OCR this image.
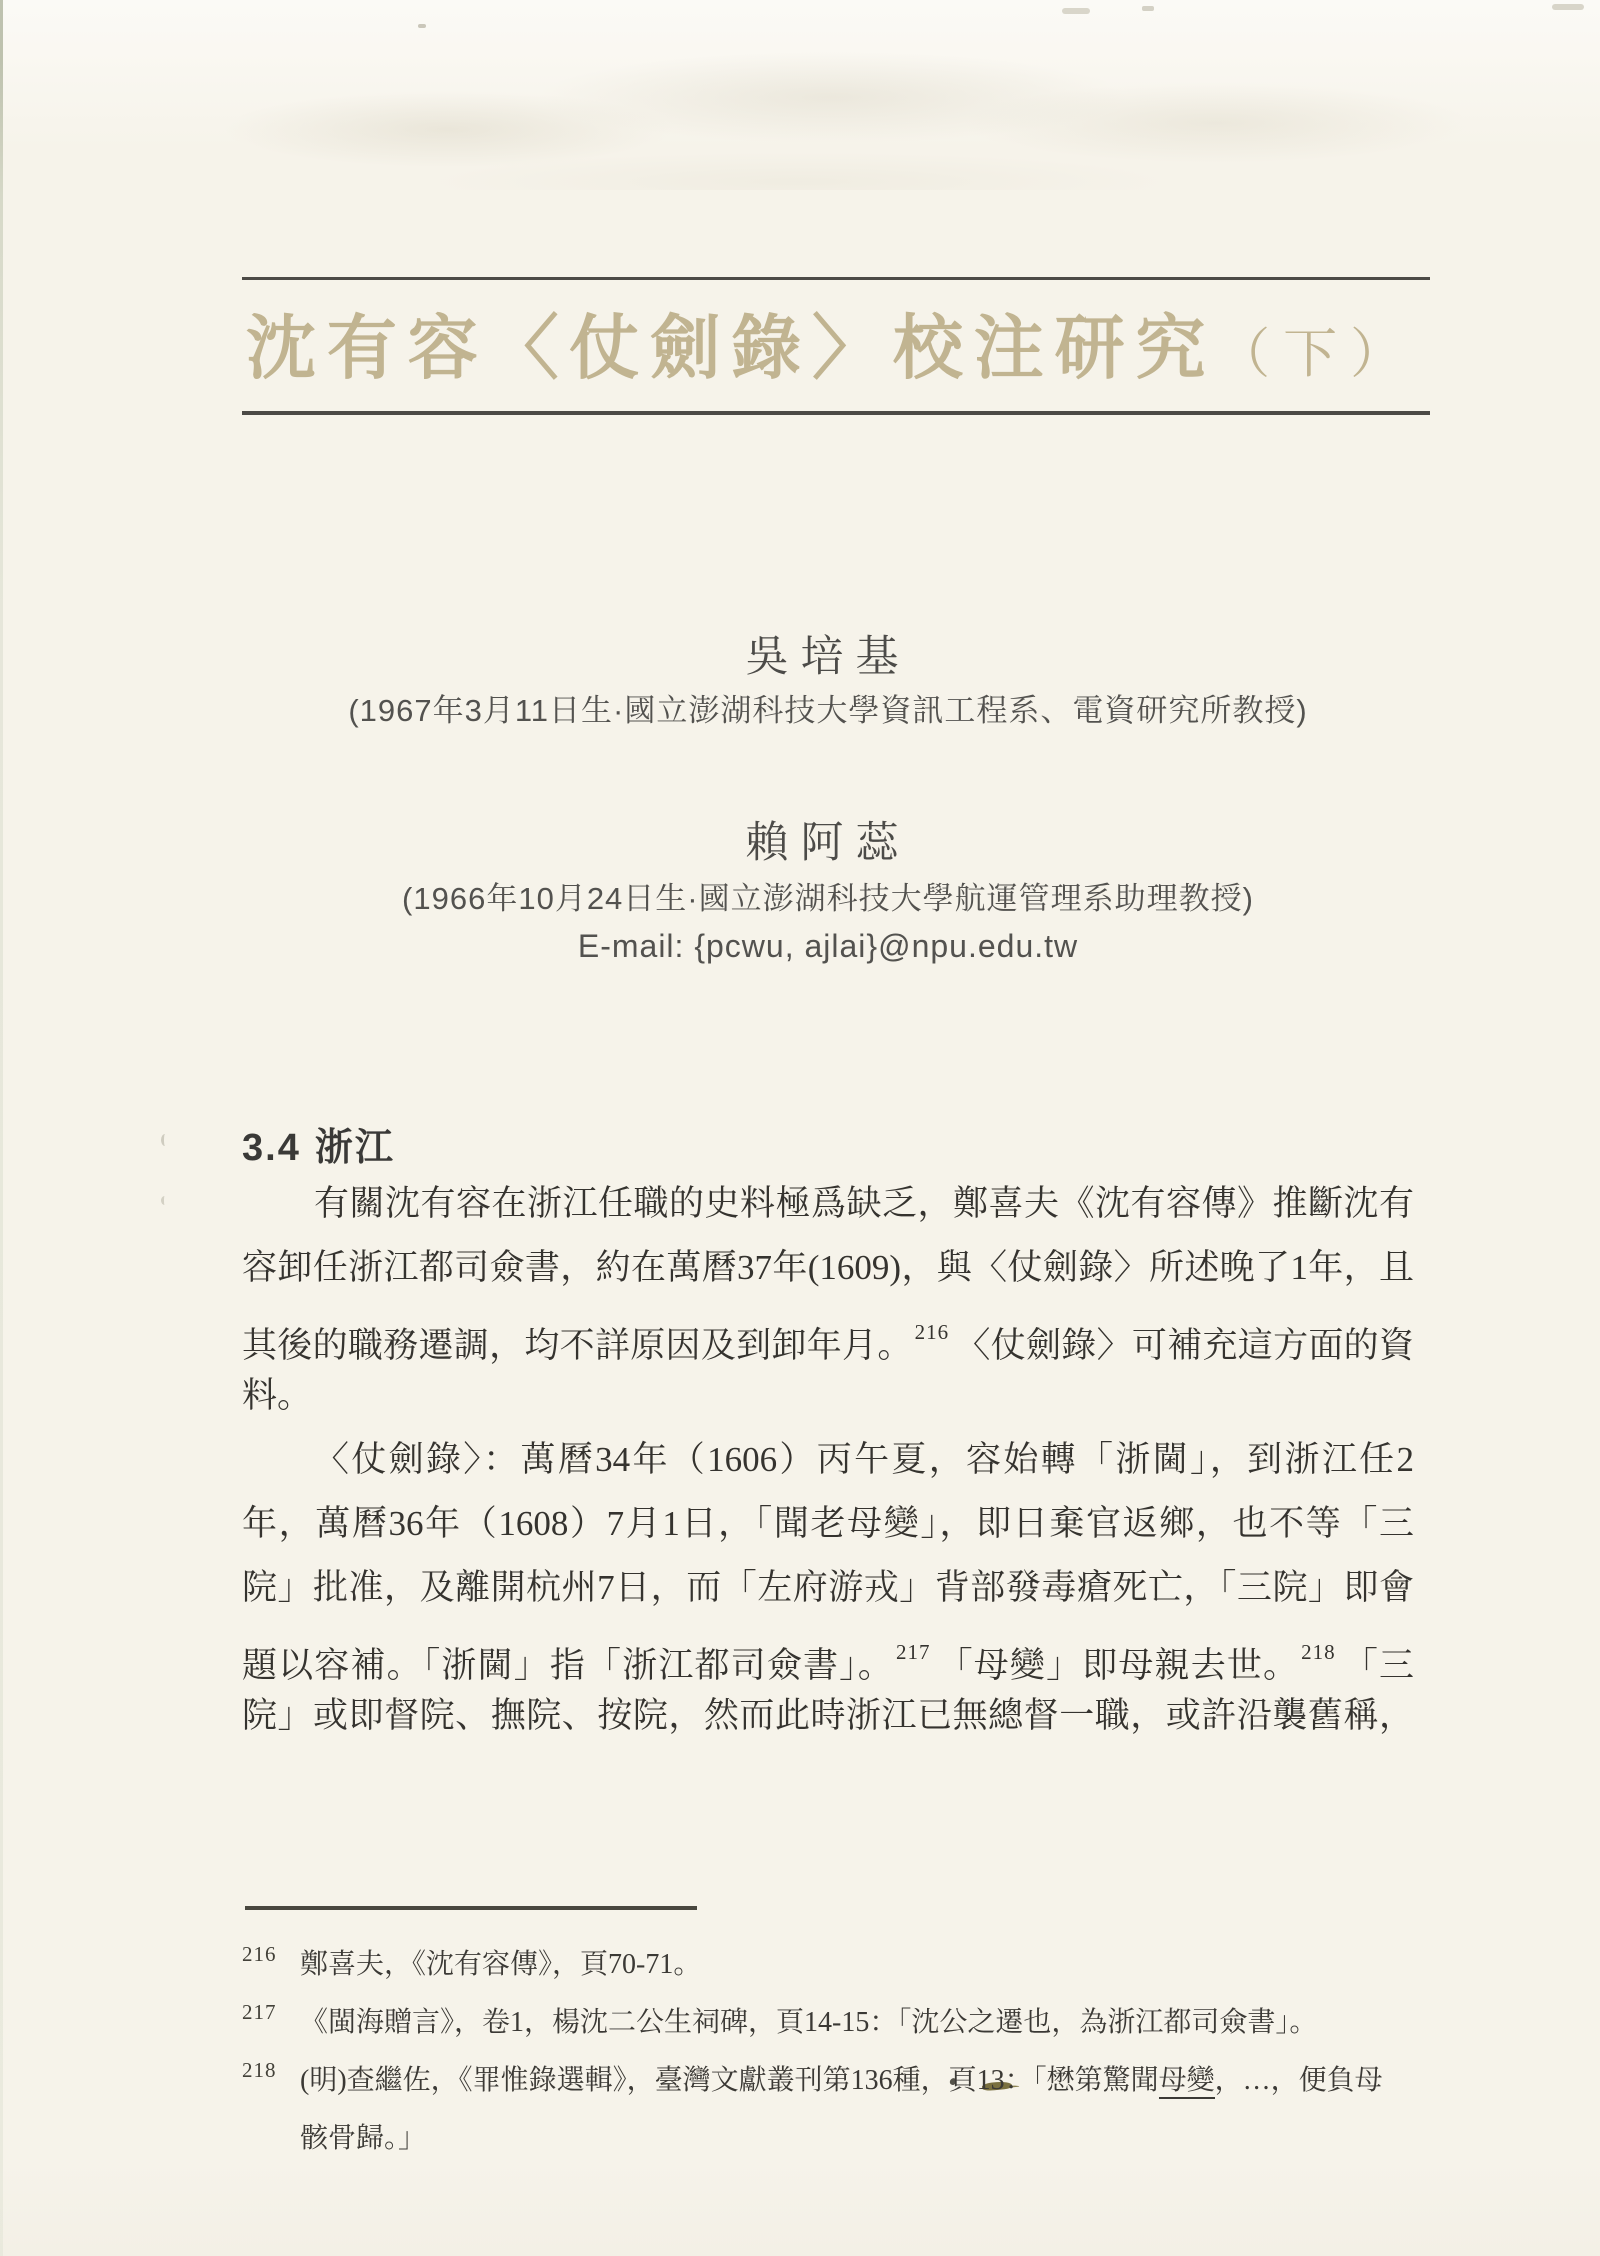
沈有容〈仗劍錄〉校注研究（下）
吳培基
(1967年3月11日生·國立澎湖科技大學資訊工程系、電資研究所教授)
賴阿蕊
(1966年10月24日生·國立澎湖科技大學航運管理系助理教授)
E-mail: {pcwu, ajlai}@npu.edu.tw
3.4 浙江
有關沈有容在浙江任職的史料極爲缺乏，鄭喜夫《沈有容傳》推斷沈有
容卸任浙江都司僉書，約在萬曆37年(1609)，與〈仗劍錄〉所述晚了1年，且
其後的職務遷調，均不詳原因及到卸年月。$^{216}$ 〈仗劍錄〉可補充這方面的資
料。
〈仗劍錄〉：萬曆34年（1606）丙午夏，容始轉「浙閫」，到浙江任2
年，萬曆36年（1608）7月1日，「聞老母變」，即日棄官返鄉，也不等「三
院」批准，及離開杭州7日，而「左府游戎」背部發毒瘡死亡，「三院」即會
題以容補。「浙閫」指「浙江都司僉書」。$^{217}$ 「母變」即母親去世。$^{218}$ 「三
院」或即督院、撫院、按院，然而此時浙江已無總督一職，或許沿襲舊稱，
216 鄭喜夫，《沈有容傳》，頁70-71。
217 《閩海贈言》，卷1，楊沈二公生祠碑，頁14-15：「沈公之遷也，為浙江都司僉書」。
218 (明)查繼佐，《罪惟錄選輯》，臺灣文獻叢刊第136種，頁13：「懋第驚聞母變，…，便負母
骸骨歸。」
